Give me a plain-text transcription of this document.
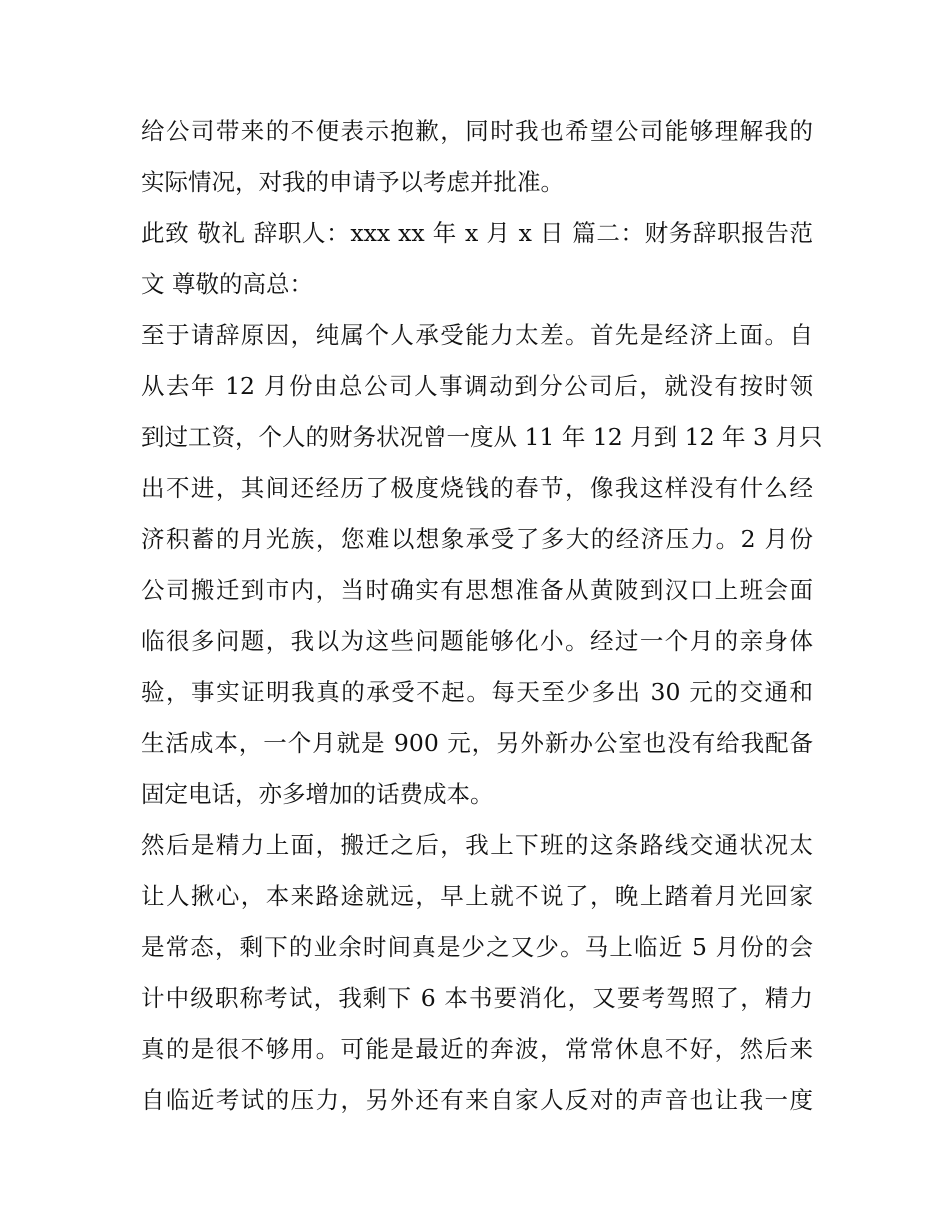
给公司带来的不便表示抱歉，同时我也希望公司能够理解我的
实际情况，对我的申请予以考虑并批准。
此致 敬礼 辞职人：xxx xx 年 x 月 x 日 篇二：财务辞职报告范
文 尊敬的高总：
至于请辞原因，纯属个人承受能力太差。首先是经济上面。自
从去年 12 月份由总公司人事调动到分公司后，就没有按时领
到过工资，个人的财务状况曾一度从 11 年 12 月到 12 年 3 月只
出不进，其间还经历了极度烧钱的春节，像我这样没有什么经
济积蓄的月光族，您难以想象承受了多大的经济压力。2 月份
公司搬迁到市内，当时确实有思想准备从黄陂到汉口上班会面
临很多问题，我以为这些问题能够化小。经过一个月的亲身体
验，事实证明我真的承受不起。每天至少多出 30 元的交通和
生活成本，一个月就是 900 元，另外新办公室也没有给我配备
固定电话，亦多增加的话费成本。
然后是精力上面，搬迁之后，我上下班的这条路线交通状况太
让人揪心，本来路途就远，早上就不说了，晚上踏着月光回家
是常态，剩下的业余时间真是少之又少。马上临近 5 月份的会
计中级职称考试，我剩下 6 本书要消化，又要考驾照了，精力
真的是很不够用。可能是最近的奔波，常常休息不好，然后来
自临近考试的压力，另外还有来自家人反对的声音也让我一度
